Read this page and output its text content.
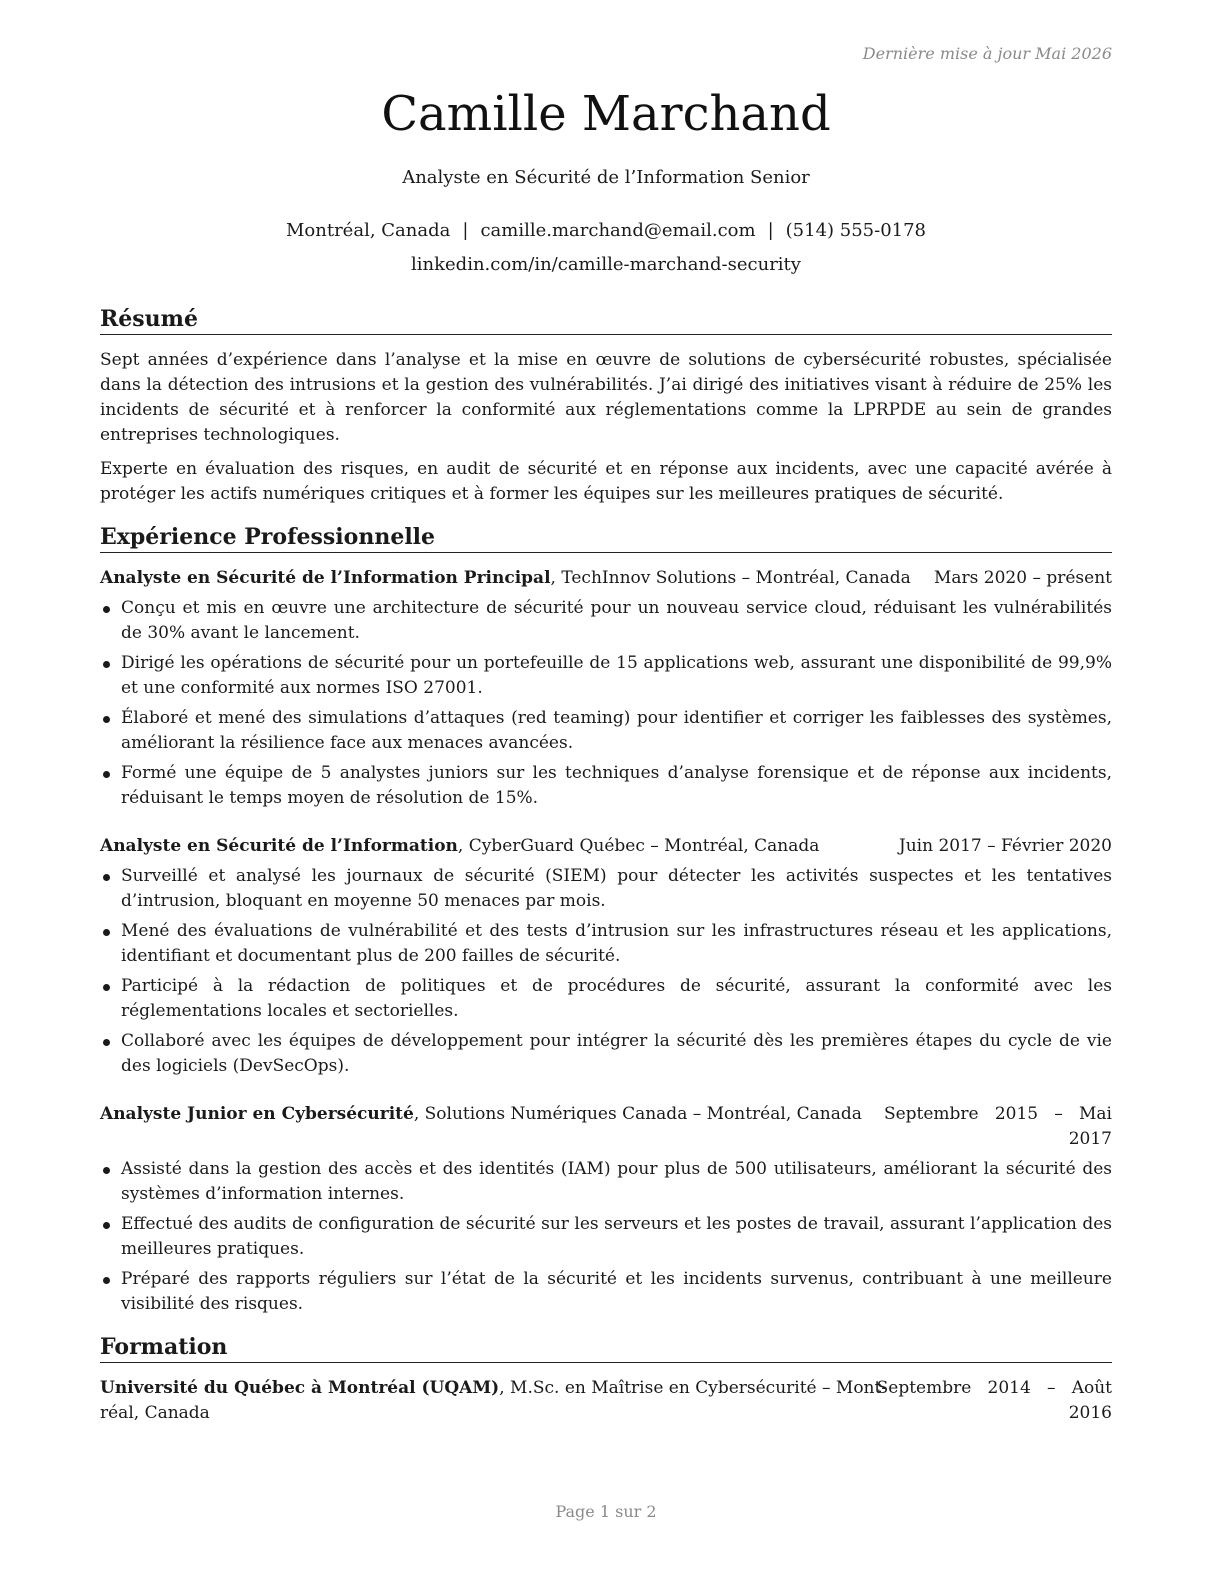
Dernière mise à jour Mai 2026
Camille Marchand
Analyste en Sécurité de l’Information Senior
Montréal, Canada | camille.marchand@email.com | (514) 555-0178
linkedin.com/in/camille-marchand-security
Résumé
Sept années d’expérience dans l’analyse et la mise en œuvre de solutions de cybersécurité robustes, spécialisée dans la détection des intrusions et la gestion des vulnérabilités. J’ai dirigé des initiatives visant à réduire de 25% les incidents de sécurité et à renforcer la conformité aux réglementations comme la LPRPDE au sein de grandes entreprises technologiques.
Experte en évaluation des risques, en audit de sécurité et en réponse aux incidents, avec une capacité avérée à protéger les actifs numériques critiques et à former les équipes sur les meilleures pratiques de sécurité.
Expérience Professionnelle
Analyste en Sécurité de l’Information Principal, TechInnov Solutions – Montréal, Canada Mars 2020 – présent
Conçu et mis en œuvre une architecture de sécurité pour un nouveau service cloud, réduisant les vulnérabilités de 30% avant le lancement.
Dirigé les opérations de sécurité pour un portefeuille de 15 applications web, assurant une disponibilité de 99,9% et une conformité aux normes ISO 27001.
Élaboré et mené des simulations d’attaques (red teaming) pour identifier et corriger les faiblesses des systèmes, améliorant la résilience face aux menaces avancées.
Formé une équipe de 5 analystes juniors sur les techniques d’analyse forensique et de réponse aux incidents, réduisant le temps moyen de résolution de 15%.
Analyste en Sécurité de l’Information, CyberGuard Québec – Montréal, Canada	Juin 2017 – Février 2020
Surveillé et analysé les journaux de sécurité (SIEM) pour détecter les activités suspectes et les tentatives d’intrusion, bloquant en moyenne 50 menaces par mois.
Mené des évaluations de vulnérabilité et des tests d’intrusion sur les infrastructures réseau et les applications, identifiant et documentant plus de 200 failles de sécurité.
Participé à la rédaction de politiques et de procédures de sécurité, assurant la conformité avec les réglementations locales et sectorielles.
Collaboré avec les équipes de développement pour intégrer la sécurité dès les premières étapes du cycle de vie des logiciels (DevSecOps).
Analyste Junior en Cybersécurité, Solutions Numériques Canada – Montréal, Canada Septembre   2015   –   Mai
2017
Assisté dans la gestion des accès et des identités (IAM) pour plus de 500 utilisateurs, améliorant la sécurité des systèmes d’information internes.
Effectué des audits de configuration de sécurité sur les serveurs et les postes de travail, assurant l’application des meilleures pratiques.
Préparé des rapports réguliers sur l’état de la sécurité et les incidents survenus, contribuant à une meilleure visibilité des risques.
Formation
Université du Québec à Montréal (UQAM), M.Sc. en Maîtrise en Cybersécurité – Mont-
réal, Canada
Septembre   2014   –   Août
2016
Page 1 sur 2
